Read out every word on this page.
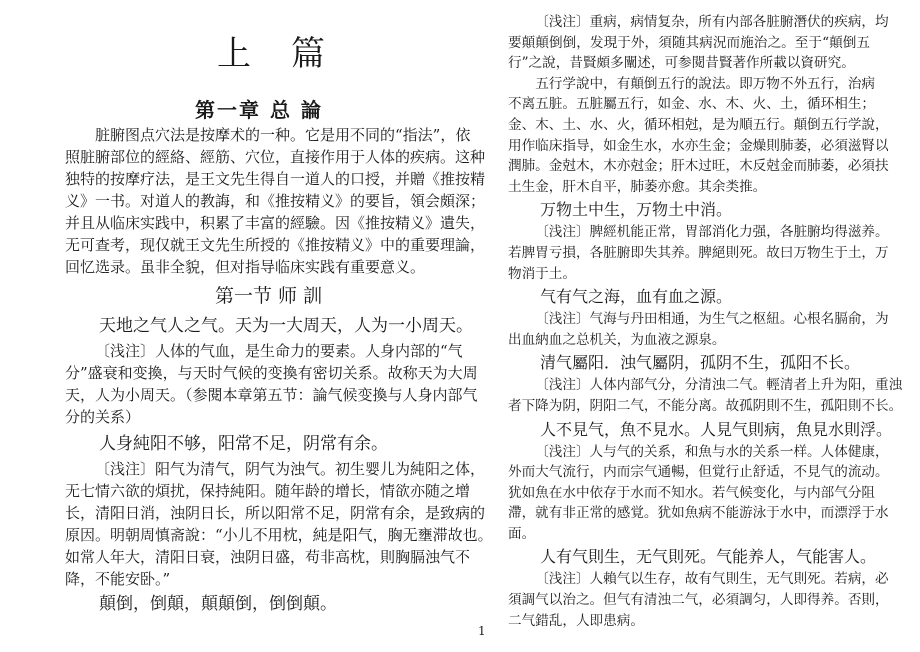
上篇
第一章 总 論
第一节 师 訓
脏腑图点穴法是按摩术的一种。它是用不同的“指法”，依
照脏腑部位的經絡、經筋、穴位，直接作用于人体的疾病。这种
独特的按摩疗法，是王文先生得自一道人的口授，并贈《推按精
义》一书。对道人的教誨，和《推按精义》的要旨，領会頗深；
并且从临床实践中，积累了丰富的經驗。因《推按精义》遺失，
无可查考，现仅就王文先生所授的《推按精义》中的重要理論，
回忆选录。虽非全貌，但对指导临床实践有重要意义。
天地之气人之气。天为一大周天，人为一小周天。
〔浅注〕人体的气血，是生命力的要素。人身内部的“气
分”盛衰和变換，与天时气候的变換有密切关系。故称天为大周
天，人为小周天。（参閱本章第五节：論气候变換与人身内部气
分的关系）
人身純阳不够，阳常不足，阴常有余。
〔浅注〕阳气为清气，阴气为浊气。初生婴儿为純阳之体，
无七情六欲的煩扰，保持純阳。随年龄的增长，情欲亦随之增
长，清阳日消，浊阴日长，所以阳常不足，阴常有余，是致病的
原因。明朝周慎斋說：“小儿不用枕，純是阳气，胸无壅滞故也。
如常人年大，清阳日衰，浊阴日盛，苟非高枕，則胸膈浊气不
降，不能安卧。”
顛倒，倒顛，顛顛倒，倒倒顛。
〔浅注〕重病，病情复杂，所有内部各脏腑潛伏的疾病，均
要顛顛倒倒，发現于外，須随其病況而施治之。至于“顛倒五
行”之說，昔賢頗多闡述，可参閱昔賢著作所載以資研究。
五行学說中，有顛倒五行的說法。即万物不外五行，治病
不离五脏。五脏屬五行，如金、水、木、火、土，循环相生；
金、木、土、水、火，循环相尅，是为順五行。顛倒五行学說，
用作临床指导，如金生水，水亦生金；金燥則肺萎，必須滋腎以
潤肺。金尅木，木亦尅金；肝木过旺，木反尅金而肺萎，必須扶
土生金，肝木自平，肺萎亦愈。其余类推。
万物土中生，万物土中消。
〔浅注〕脾經机能正常，胃部消化力强，各脏腑均得滋养。
若脾胃亏損，各脏腑即失其养。脾絕則死。故曰万物生于土，万
物消于土。
气有气之海，血有血之源。
〔浅注〕气海与丹田相通，为生气之枢紐。心根名膈俞，为
出血納血之总机关，为血液之源泉。
清气屬阳．浊气屬阴，孤阴不生，孤阳不长。
〔浅注〕人体内部气分，分清浊二气。輕清者上升为阳，重浊
者下降为阴，阴阳二气，不能分离。故孤阴則不生，孤阳則不长。
人不見气，魚不見水。人見气則病，魚見水則浮。
〔浅注〕人与气的关系，和魚与水的关系一样。人体健康，
外而大气流行，内而宗气通暢，但覚行止舒适，不見气的流动。
犹如魚在水中依存于水而不知水。若气候变化，与内部气分阻
滯，就有非正常的感覚。犹如魚病不能游泳于水中，而漂浮于水
面。
人有气則生，无气則死。气能养人，气能害人。
〔浅注〕人賴气以生存，故有气則生，无气則死。若病，必
須調气以治之。但气有清浊二气，必須調匀，人即得养。否則，
二气錯乱，人即患病。
1
